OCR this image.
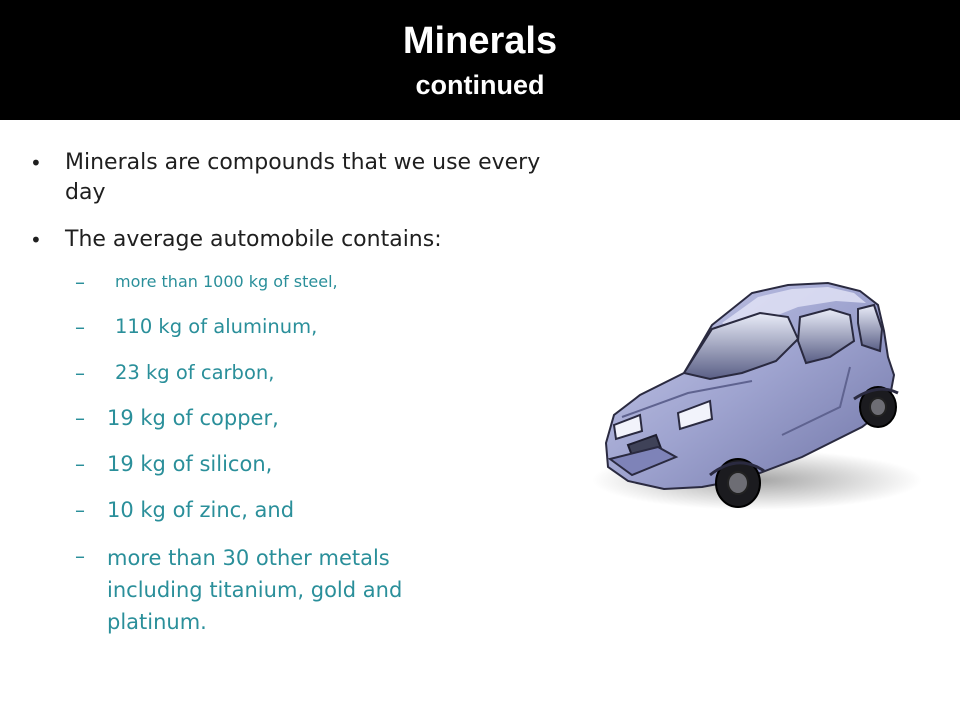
Minerals
continued
•	Minerals are compounds that we use every day
•	The average automobile contains:
– more than 1000 kg of steel,
– 110 kg of aluminum,
– 23 kg of carbon,
– 19 kg of copper,
– 19 kg of silicon,
– 10 kg of zinc, and
– more than 30 other metals including titanium, gold and platinum.
